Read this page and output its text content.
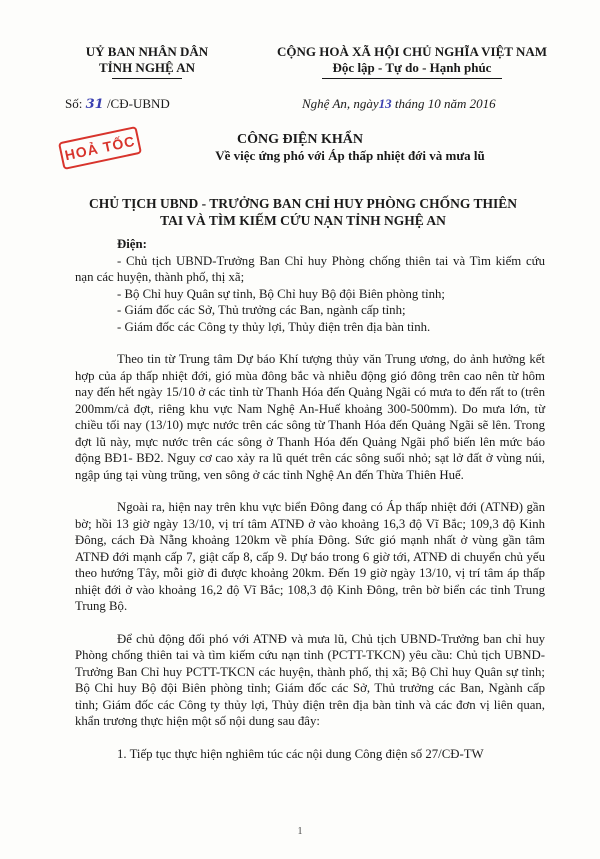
UỶ BAN NHÂN DÂN
TỈNH NGHỆ AN
CỘNG HOÀ XÃ HỘI CHỦ NGHĨA VIỆT NAM
Độc lập - Tự do - Hạnh phúc
Số: 31 /CĐ-UBND	Nghệ An, ngày13 tháng 10 năm 2016
HOẢ TỐC	CÔNG ĐIỆN KHẨN
Về việc ứng phó với Áp thấp nhiệt đới và mưa lũ
CHỦ TỊCH UBND - TRƯỞNG BAN CHỈ HUY PHÒNG CHỐNG THIÊN TAI VÀ TÌM KIẾM CỨU NẠN TỈNH NGHỆ AN

Điện:

- Chủ tịch UBND-Trưởng Ban Chỉ huy Phòng chống thiên tai và Tìm kiếm cứu nạn các huyện, thành phố, thị xã;

- Bộ Chỉ huy Quân sự tỉnh, Bộ Chỉ huy Bộ đội Biên phòng tỉnh;

- Giám đốc các Sở, Thủ trưởng các Ban, ngành cấp tỉnh;

- Giám đốc các Công ty thủy lợi, Thủy điện trên địa bàn tỉnh.

Theo tin từ Trung tâm Dự báo Khí tượng thủy văn Trung ương, do ảnh hưởng kết hợp của áp thấp nhiệt đới, gió mùa đông bắc và nhiễu động gió đông trên cao nên từ hôm nay đến hết ngày 15/10 ở các tỉnh từ Thanh Hóa đến Quảng Ngãi có mưa to đến rất to (trên 200mm/cả đợt, riêng khu vực Nam Nghệ An-Huế khoảng 300-500mm). Do mưa lớn, từ chiều tối nay (13/10) mực nước trên các sông từ Thanh Hóa đến Quảng Ngãi sẽ lên. Trong đợt lũ này, mực nước trên các sông ở Thanh Hóa đến Quảng Ngãi phổ biến lên mức báo động BĐ1- BĐ2. Nguy cơ cao xảy ra lũ quét trên các sông suối nhỏ; sạt lở đất ở vùng núi, ngập úng tại vùng trũng, ven sông ở các tỉnh Nghệ An đến Thừa Thiên Huế.

Ngoài ra, hiện nay trên khu vực biển Đông đang có Áp thấp nhiệt đới (ATNĐ) gần bờ; hồi 13 giờ ngày 13/10, vị trí tâm ATNĐ ở vào khoảng 16,3 độ Vĩ Bắc; 109,3 độ Kinh Đông, cách Đà Nẵng khoảng 120km về phía Đông. Sức gió mạnh nhất ở vùng gần tâm ATNĐ đới mạnh cấp 7, giật cấp 8, cấp 9. Dự báo trong 6 giờ tới, ATNĐ di chuyển chủ yếu theo hướng Tây, mỗi giờ đi được khoảng 20km. Đến 19 giờ ngày 13/10, vị trí tâm áp thấp nhiệt đới ở vào khoảng 16,2 độ Vĩ Bắc; 108,3 độ Kinh Đông, trên bờ biển các tỉnh Trung Trung Bộ.

Để chủ động đối phó với ATNĐ và mưa lũ, Chủ tịch UBND-Trưởng ban chỉ huy Phòng chống thiên tai và tìm kiếm cứu nạn tỉnh (PCTT-TKCN) yêu cầu: Chủ tịch UBND-Trưởng Ban Chỉ huy PCTT-TKCN các huyện, thành phố, thị xã; Bộ Chỉ huy Quân sự tỉnh; Bộ Chỉ huy Bộ đội Biên phòng tỉnh; Giám đốc các Sở, Thủ trưởng các Ban, Ngành cấp tỉnh; Giám đốc các Công ty thủy lợi, Thủy điện trên địa bàn tỉnh và các đơn vị liên quan, khẩn trương thực hiện một số nội dung sau đây:

1. Tiếp tục thực hiện nghiêm túc các nội dung Công điện số 27/CĐ-TW

1
